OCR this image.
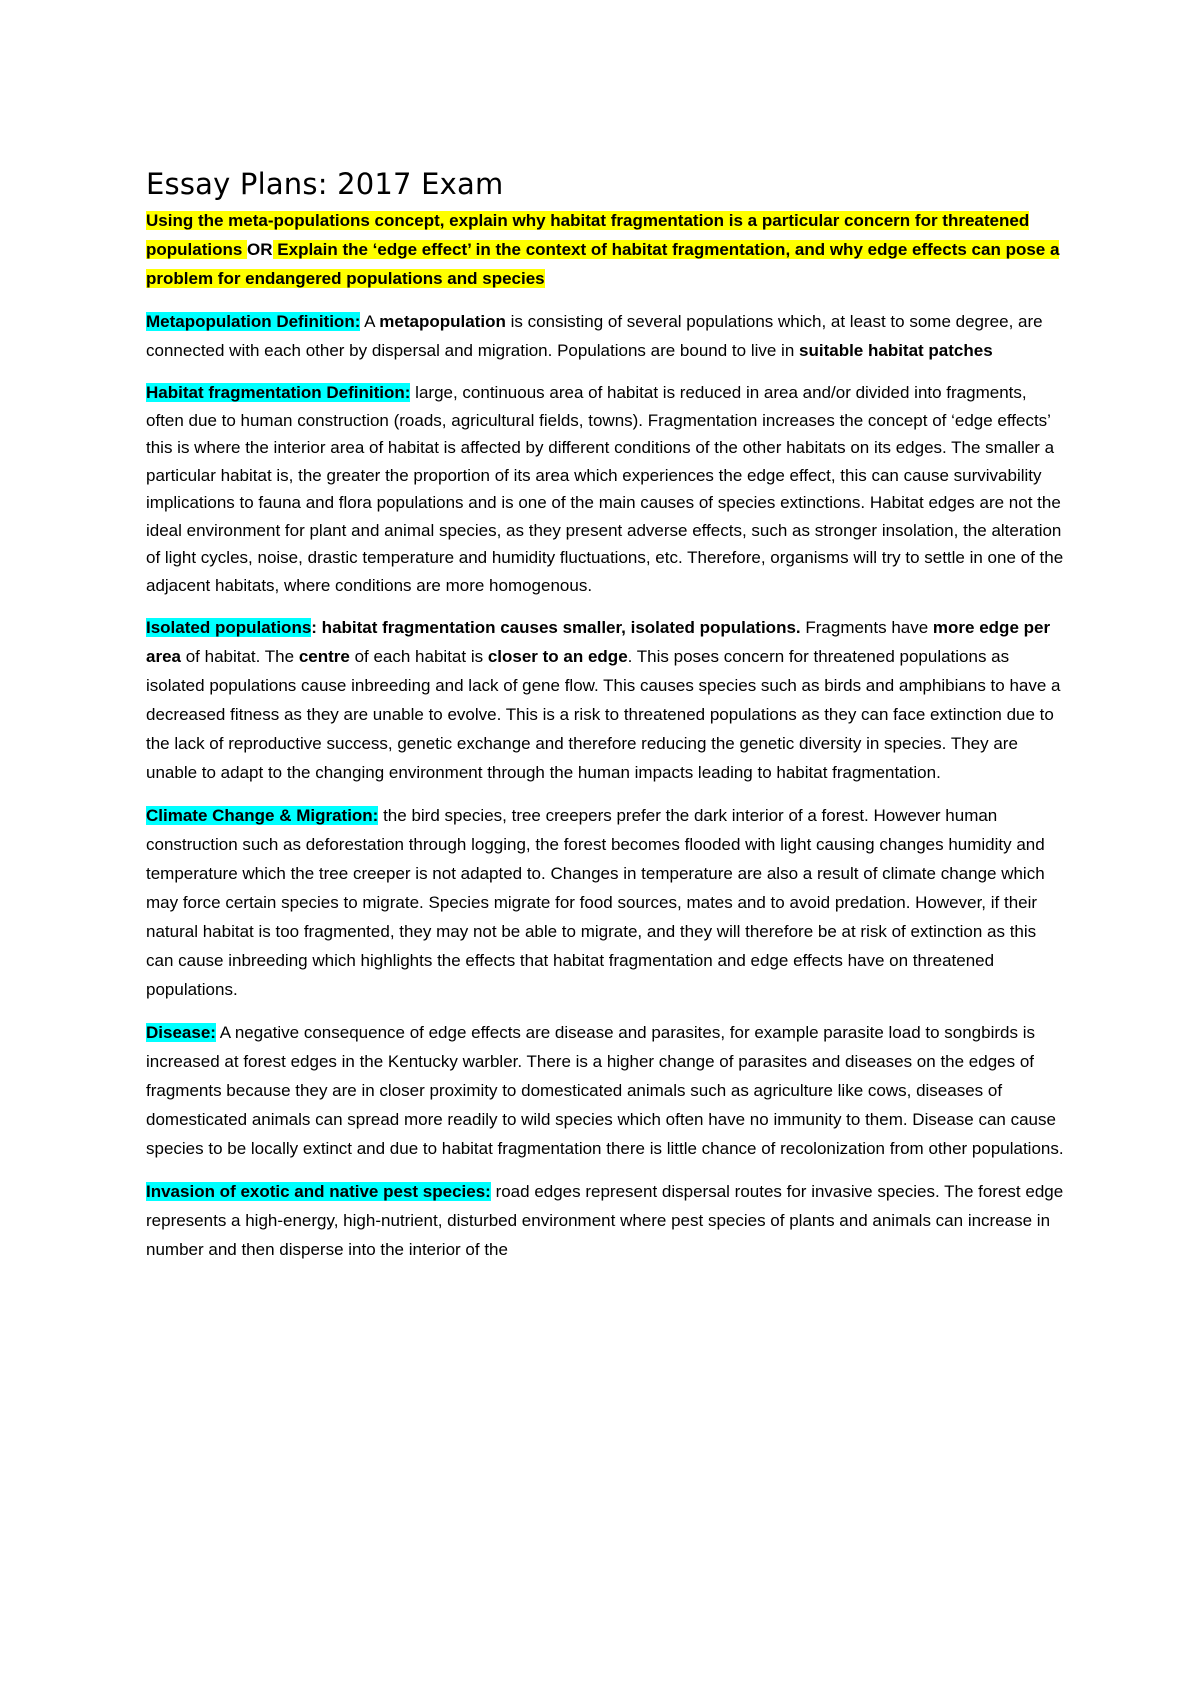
Essay Plans: 2017 Exam

Using the meta-populations concept, explain why habitat fragmentation is a particular concern for threatened populations OR Explain the ‘edge effect’ in the context of habitat fragmentation, and why edge effects can pose a problem for endangered populations and species

Metapopulation Definition: A metapopulation is consisting of several populations which, at least to some degree, are connected with each other by dispersal and migration. Populations are bound to live in suitable habitat patches

Habitat fragmentation Definition: large, continuous area of habitat is reduced in area and/or divided into fragments, often due to human construction (roads, agricultural fields, towns). Fragmentation increases the concept of ‘edge effects’ this is where the interior area of habitat is affected by different conditions of the other habitats on its edges. The smaller a particular habitat is, the greater the proportion of its area which experiences the edge effect, this can cause survivability implications to fauna and flora populations and is one of the main causes of species extinctions. Habitat edges are not the ideal environment for plant and animal species, as they present adverse effects, such as stronger insolation, the alteration of light cycles, noise, drastic temperature and humidity fluctuations, etc. Therefore, organisms will try to settle in one of the adjacent habitats, where conditions are more homogenous.

Isolated populations: habitat fragmentation causes smaller, isolated populations. Fragments have more edge per area of habitat. The centre of each habitat is closer to an edge. This poses concern for threatened populations as isolated populations cause inbreeding and lack of gene flow. This causes species such as birds and amphibians to have a decreased fitness as they are unable to evolve. This is a risk to threatened populations as they can face extinction due to the lack of reproductive success, genetic exchange and therefore reducing the genetic diversity in species. They are unable to adapt to the changing environment through the human impacts leading to habitat fragmentation.

Climate Change & Migration: the bird species, tree creepers prefer the dark interior of a forest. However human construction such as deforestation through logging, the forest becomes flooded with light causing changes humidity and temperature which the tree creeper is not adapted to. Changes in temperature are also a result of climate change which may force certain species to migrate. Species migrate for food sources, mates and to avoid predation. However, if their natural habitat is too fragmented, they may not be able to migrate, and they will therefore be at risk of extinction as this can cause inbreeding which highlights the effects that habitat fragmentation and edge effects have on threatened populations.

Disease: A negative consequence of edge effects are disease and parasites, for example parasite load to songbirds is increased at forest edges in the Kentucky warbler. There is a higher change of parasites and diseases on the edges of fragments because they are in closer proximity to domesticated animals such as agriculture like cows, diseases of domesticated animals can spread more readily to wild species which often have no immunity to them. Disease can cause species to be locally extinct and due to habitat fragmentation there is little chance of recolonization from other populations.

Invasion of exotic and native pest species: road edges represent dispersal routes for invasive species. The forest edge represents a high-energy, high-nutrient, disturbed environment where pest species of plants and animals can increase in number and then disperse into the interior of the
